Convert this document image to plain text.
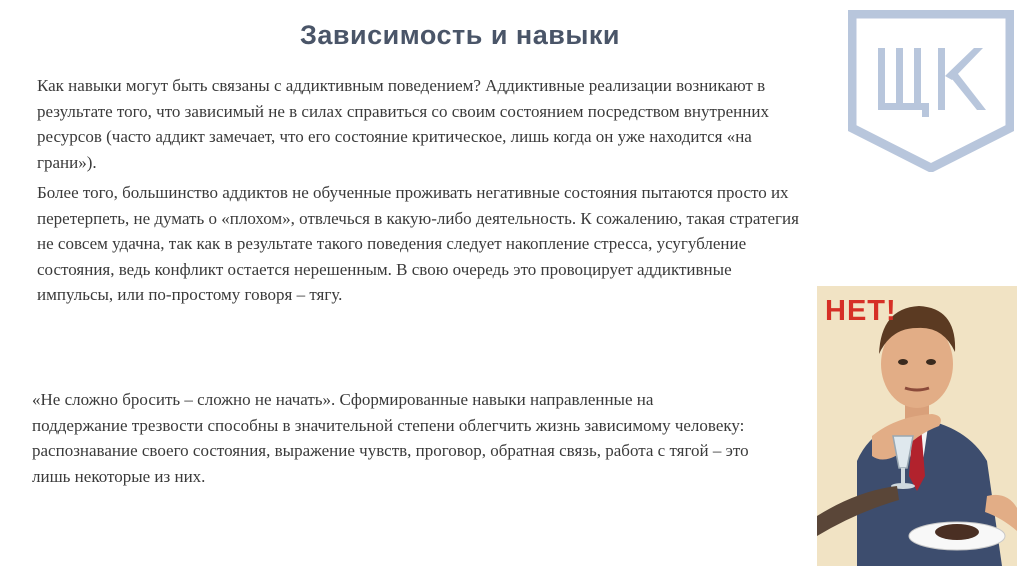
Зависимость и навыки

Как навыки могут быть связаны с аддиктивным поведением? Аддиктивные реализации возникают в результате того, что зависимый не в силах справиться со своим состоянием посредством внутренних ресурсов (часто аддикт замечает, что его состояние критическое, лишь когда он уже находится «на грани»).

Более того, большинство аддиктов не обученные проживать негативные состояния пытаются просто их перетерпеть, не думать о «плохом», отвлечься в какую-либо деятельность. К сожалению, такая стратегия не совсем удачна, так как в результате такого поведения следует накопление стресса, усугубление состояния, ведь конфликт остается нерешенным. В свою очередь это провоцирует аддиктивные импульсы, или по-простому говоря – тягу.

«Не сложно бросить – сложно не начать». Сформированные навыки направленные на поддержание трезвости способны в значительной степени облегчить жизнь зависимому человеку: распознавание своего состояния, выражение чувств, проговор, обратная связь, работа с тягой – это лишь некоторые из них.

НЕТ!
